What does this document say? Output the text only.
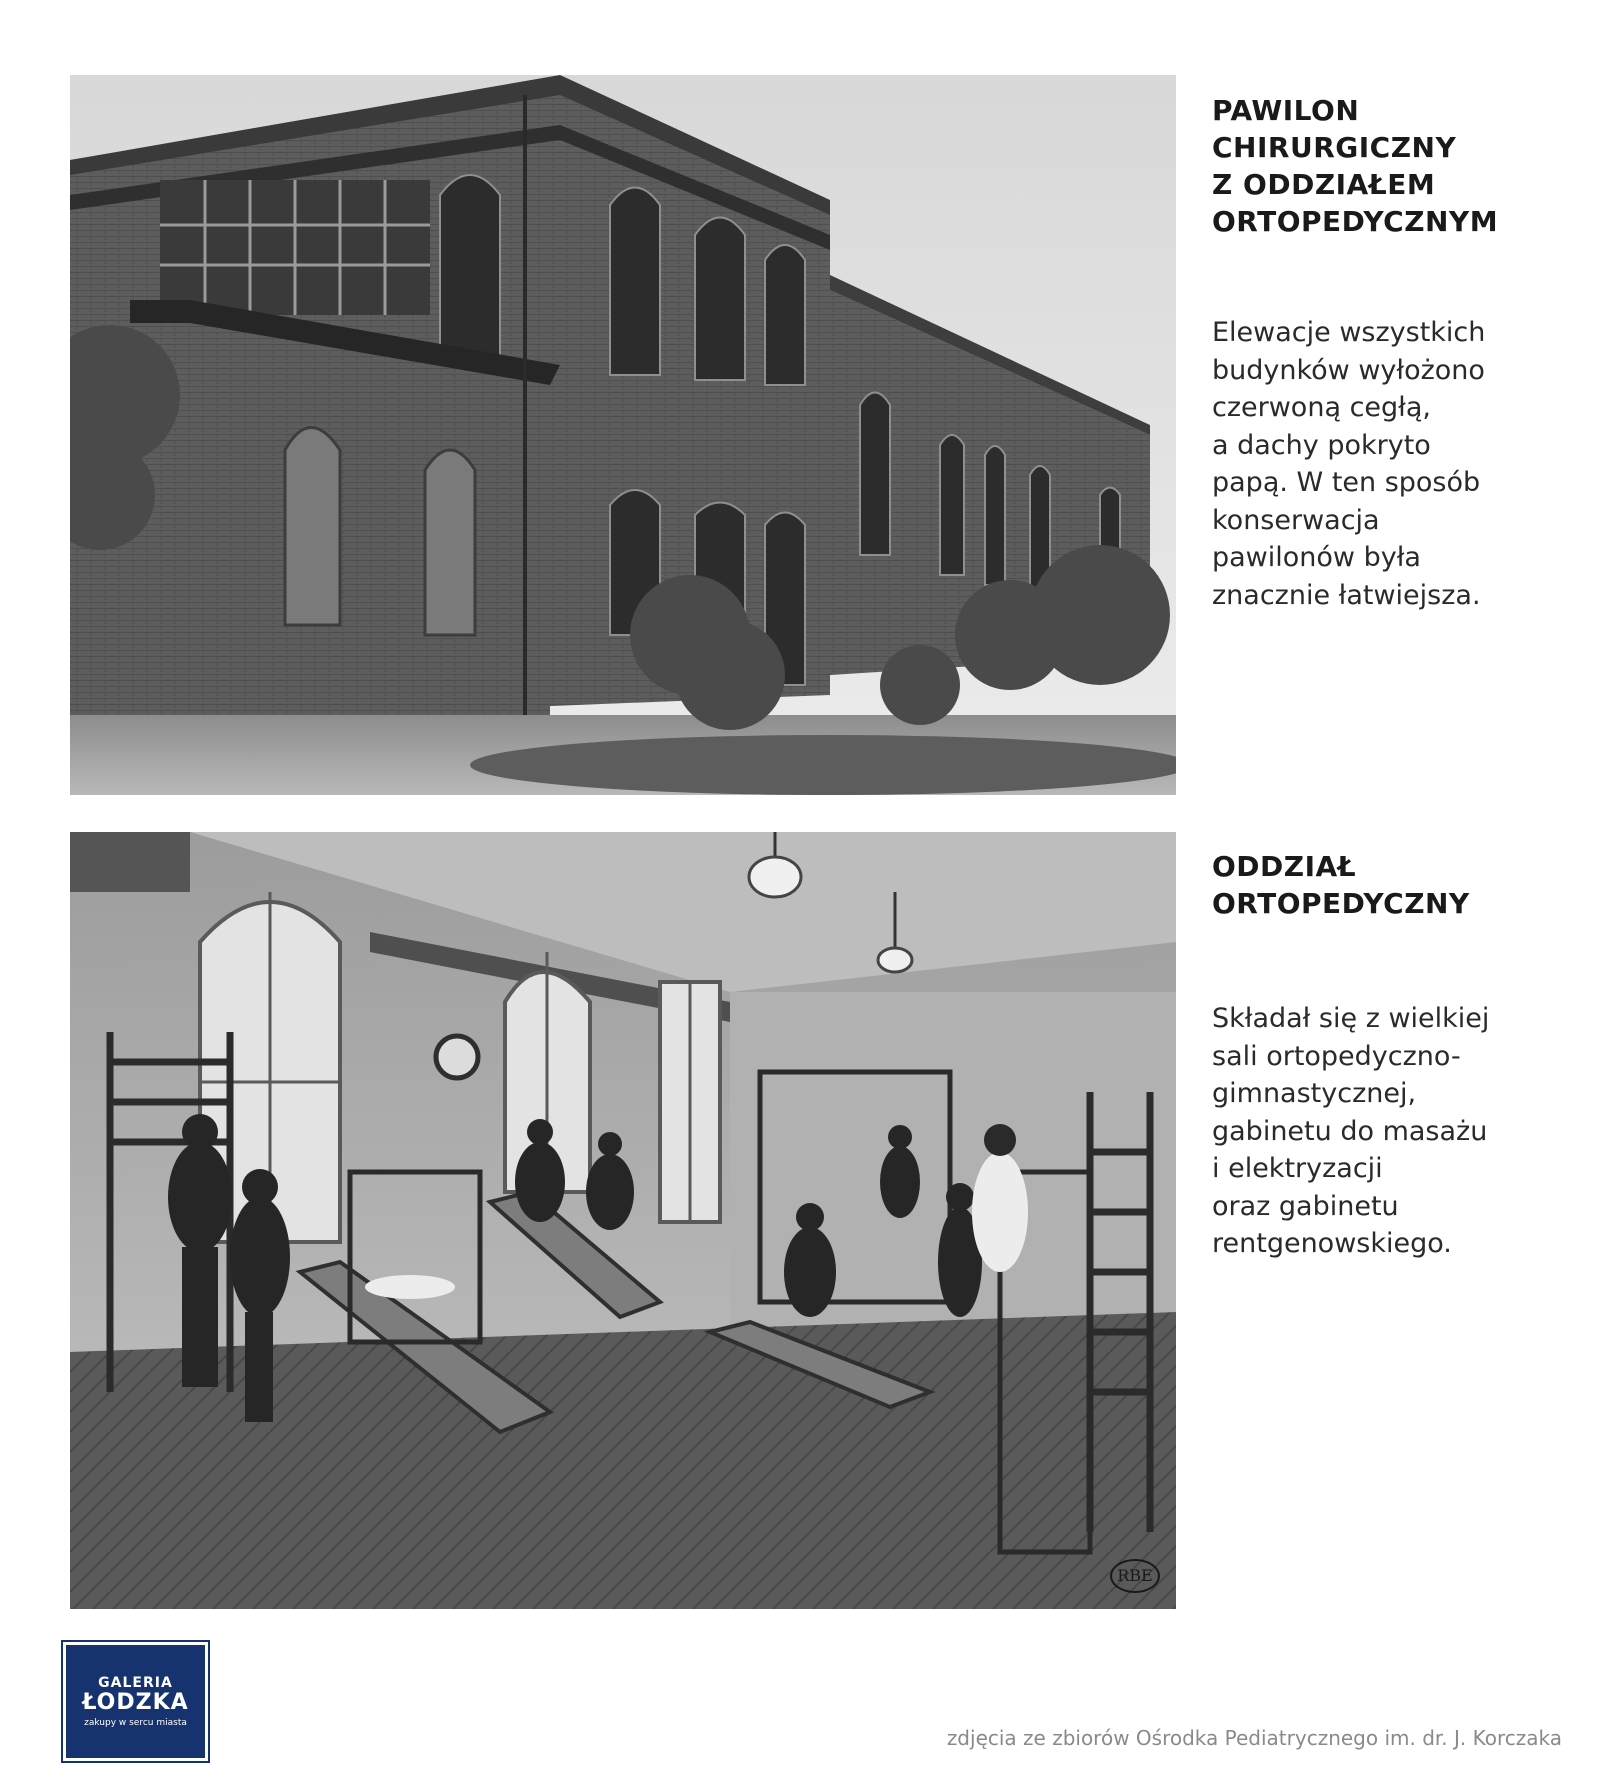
PAWILON
CHIRURGICZNY
Z ODDZIAŁEM
ORTOPEDYCZNYM

Elewacje wszystkich
budynków wyłożono
czerwoną cegłą,
a dachy pokryto
papą. W ten sposób
konserwacja
pawilonów była
znacznie łatwiejsza.

RBE
ODDZIAŁ
ORTOPEDYCZNY

Składał się z wielkiej
sali ortopedyczno-
gimnastycznej,
gabinetu do masażu
i elektryzacji
oraz gabinetu
rentgenowskiego.

GALERIA
ŁODZKA
zakupy w sercu miasta
zdjęcia ze zbiorów Ośrodka Pediatrycznego im. dr. J. Korczaka
